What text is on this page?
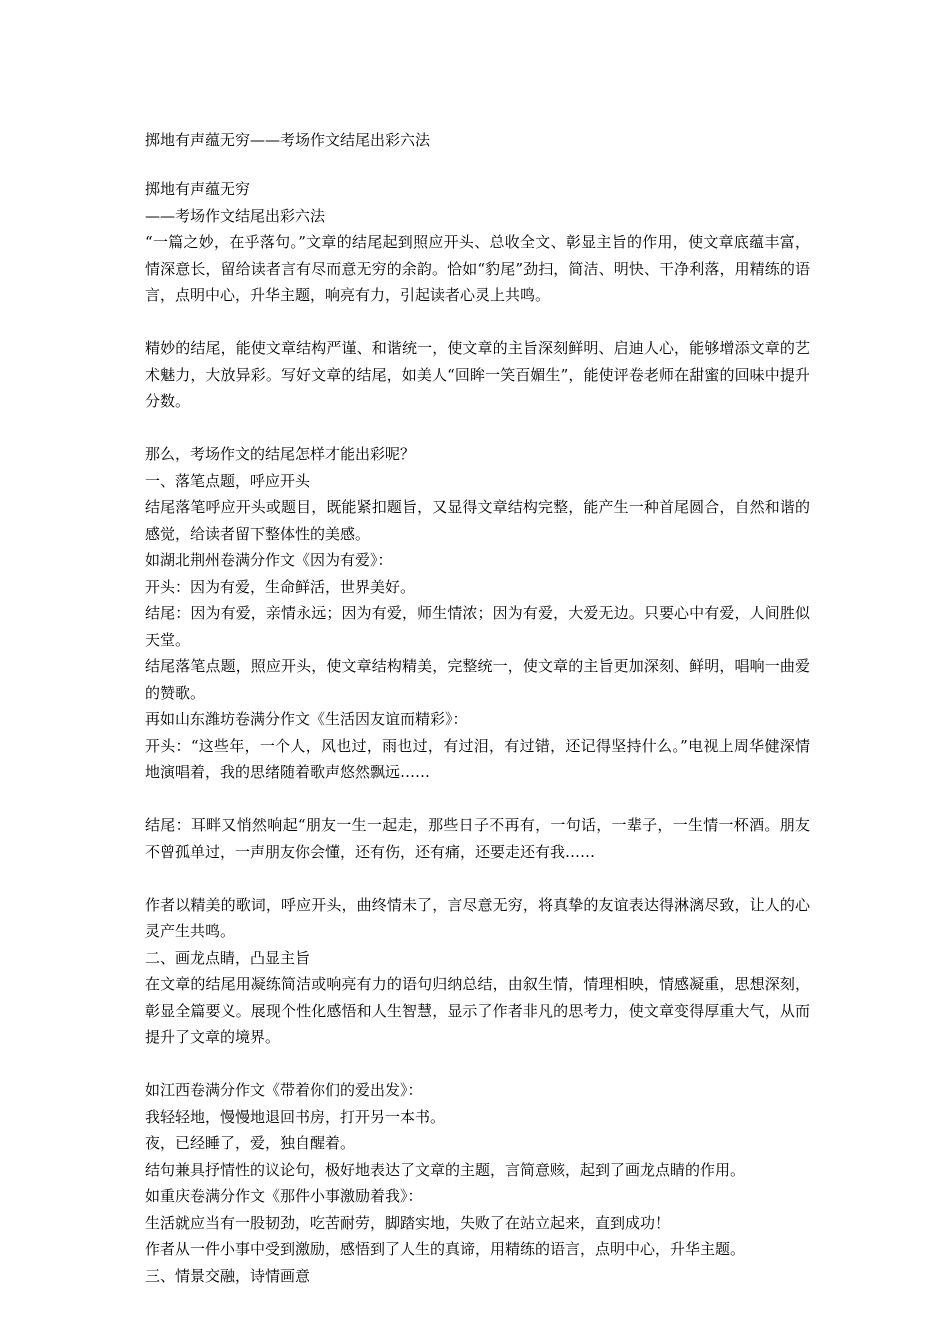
掷地有声蕴无穷——考场作文结尾出彩六法

掷地有声蕴无穷

——考场作文结尾出彩六法

“一篇之妙，在乎落句。”文章的结尾起到照应开头、总收全文、彰显主旨的作用，使文章底蕴丰富，情深意长，留给读者言有尽而意无穷的余韵。恰如“豹尾”劲扫，简洁、明快、干净利落，用精练的语言，点明中心，升华主题，响亮有力，引起读者心灵上共鸣。

精妙的结尾，能使文章结构严谨、和谐统一，使文章的主旨深刻鲜明、启迪人心，能够增添文章的艺术魅力，大放异彩。写好文章的结尾，如美人“回眸一笑百媚生”，能使评卷老师在甜蜜的回味中提升分数。

那么，考场作文的结尾怎样才能出彩呢？

一、落笔点题，呼应开头

结尾落笔呼应开头或题目，既能紧扣题旨，又显得文章结构完整，能产生一种首尾圆合，自然和谐的感觉，给读者留下整体性的美感。

如湖北荆州卷满分作文《因为有爱》：

开头：因为有爱，生命鲜活，世界美好。

结尾：因为有爱，亲情永远；因为有爱，师生情浓；因为有爱，大爱无边。只要心中有爱，人间胜似天堂。

结尾落笔点题，照应开头，使文章结构精美，完整统一，使文章的主旨更加深刻、鲜明，唱响一曲爱的赞歌。

再如山东潍坊卷满分作文《生活因友谊而精彩》：

开头：“这些年，一个人，风也过，雨也过，有过泪，有过错，还记得坚持什么。”电视上周华健深情地演唱着，我的思绪随着歌声悠然飘远……

结尾：耳畔又悄然响起“朋友一生一起走，那些日子不再有，一句话，一辈子，一生情一杯酒。朋友不曾孤单过，一声朋友你会懂，还有伤，还有痛，还要走还有我……

作者以精美的歌词，呼应开头，曲终情未了，言尽意无穷，将真挚的友谊表达得淋漓尽致，让人的心灵产生共鸣。

二、画龙点睛，凸显主旨

在文章的结尾用凝练简洁或响亮有力的语句归纳总结，由叙生情，情理相映，情感凝重，思想深刻，彰显全篇要义。展现个性化感悟和人生智慧，显示了作者非凡的思考力，使文章变得厚重大气，从而提升了文章的境界。

如江西卷满分作文《带着你们的爱出发》：

我轻轻地，慢慢地退回书房，打开另一本书。

夜，已经睡了，爱，独自醒着。

结句兼具抒情性的议论句，极好地表达了文章的主题，言简意赅，起到了画龙点睛的作用。

如重庆卷满分作文《那件小事激励着我》：

生活就应当有一股韧劲，吃苦耐劳，脚踏实地，失败了在站立起来，直到成功！

作者从一件小事中受到激励，感悟到了人生的真谛，用精练的语言，点明中心，升华主题。

三、情景交融，诗情画意
